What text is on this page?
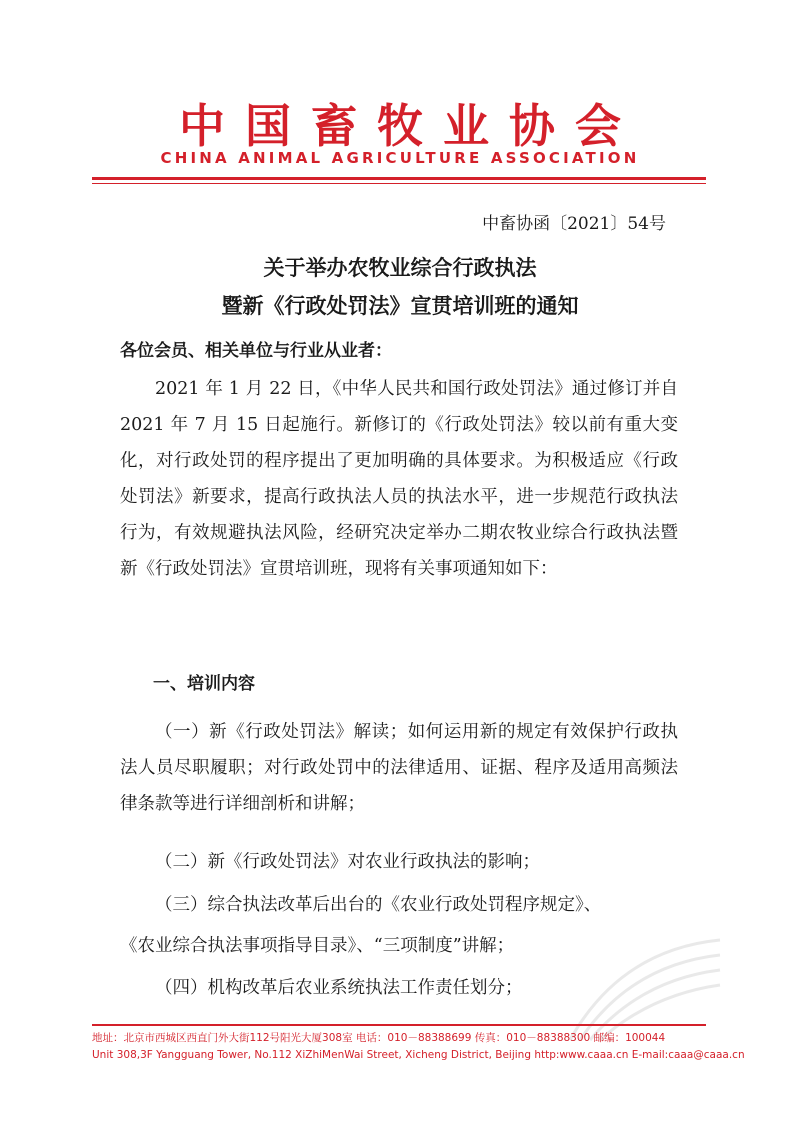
中国畜牧业协会
CHINA ANIMAL AGRICULTURE ASSOCIATION
中畜协函〔2021〕54号
关于举办农牧业综合行政执法
暨新《行政处罚法》宣贯培训班的通知
各位会员、相关单位与行业从业者：

2021 年 1 月 22 日，《中华人民共和国行政处罚法》通过修订并自 2021 年 7 月 15 日起施行。新修订的《行政处罚法》较以前有重大变化，对行政处罚的程序提出了更加明确的具体要求。为积极适应《行政处罚法》新要求，提高行政执法人员的执法水平，进一步规范行政执法行为，有效规避执法风险，经研究决定举办二期农牧业综合行政执法暨新《行政处罚法》宣贯培训班，现将有关事项通知如下：

一、培训内容

（一）新《行政处罚法》解读；如何运用新的规定有效保护行政执法人员尽职履职；对行政处罚中的法律适用、证据、程序及适用高频法律条款等进行详细剖析和讲解；

（二）新《行政处罚法》对农业行政执法的影响；
（三）综合执法改革后出台的《农业行政处罚程序规定》、
《农业综合执法事项指导目录》、“三项制度”讲解；
（四）机构改革后农业系统执法工作责任划分；
地址：北京市西城区西直门外大街112号阳光大厦308室 电话：010－88388699 传真：010－88388300 邮编：100044
Unit 308,3F Yangguang Tower, No.112 XiZhiMenWai Street, Xicheng District, Beijing http:www.caaa.cn E-mail:caaa@caaa.cn
